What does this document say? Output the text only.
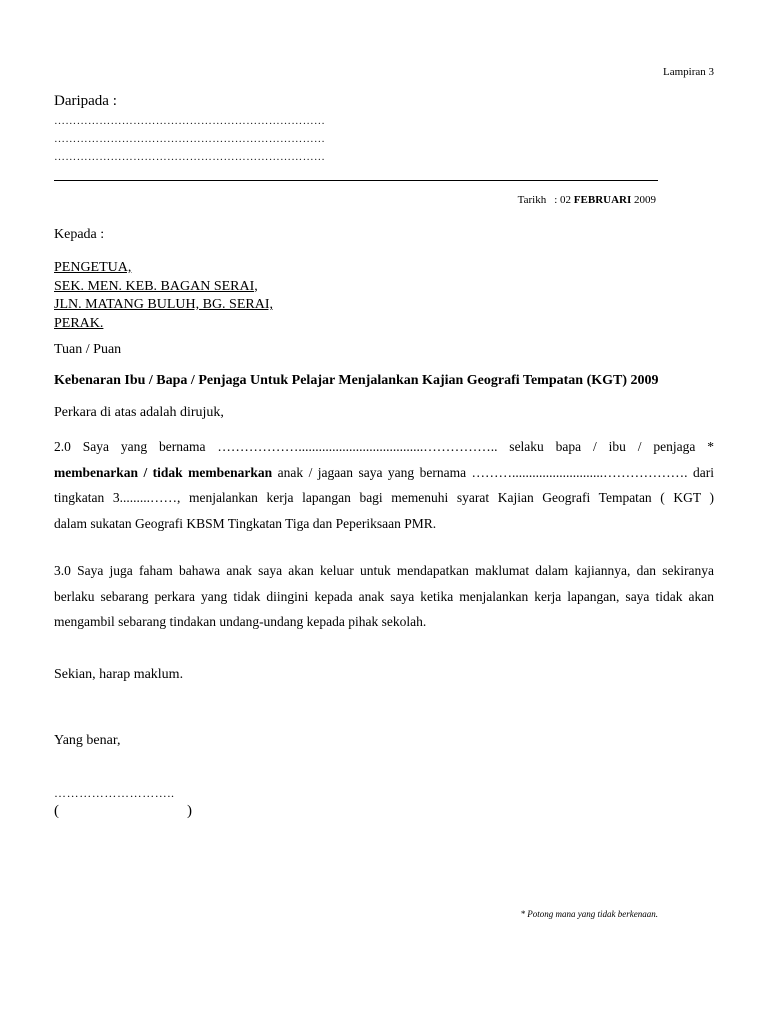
Lampiran 3
Daripada :
………………………………………………………………
………………………………………………………………
………………………………………………………………
Tarikh : 02 FEBRUARI 2009
Kepada :
PENGETUA,
SEK. MEN. KEB. BAGAN SERAI,
JLN. MATANG BULUH, BG. SERAI,
PERAK.
Tuan / Puan
Kebenaran Ibu / Bapa / Penjaga Untuk Pelajar Menjalankan Kajian Geografi Tempatan (KGT) 2009
Perkara di atas adalah dirujuk,
2.0 Saya yang bernama ……………….....................................…………….. selaku bapa / ibu / penjaga *
membenarkan / tidak membenarkan anak / jagaan saya yang bernama ………...........................………………. dari
tingkatan 3.........……, menjalankan kerja lapangan bagi memenuhi syarat Kajian Geografi Tempatan ( KGT )
dalam sukatan Geografi KBSM Tingkatan Tiga dan Peperiksaan PMR.
3.0 Saya juga faham bahawa anak saya akan keluar untuk mendapatkan maklumat dalam kajiannya, dan sekiranya
berlaku sebarang perkara yang tidak diingini kepada anak saya ketika menjalankan kerja lapangan, saya tidak akan
mengambil sebarang tindakan undang-undang kepada pihak sekolah.
Sekian, harap maklum.
Yang benar,
………………………..
(	)
* Potong mana yang tidak berkenaan.
